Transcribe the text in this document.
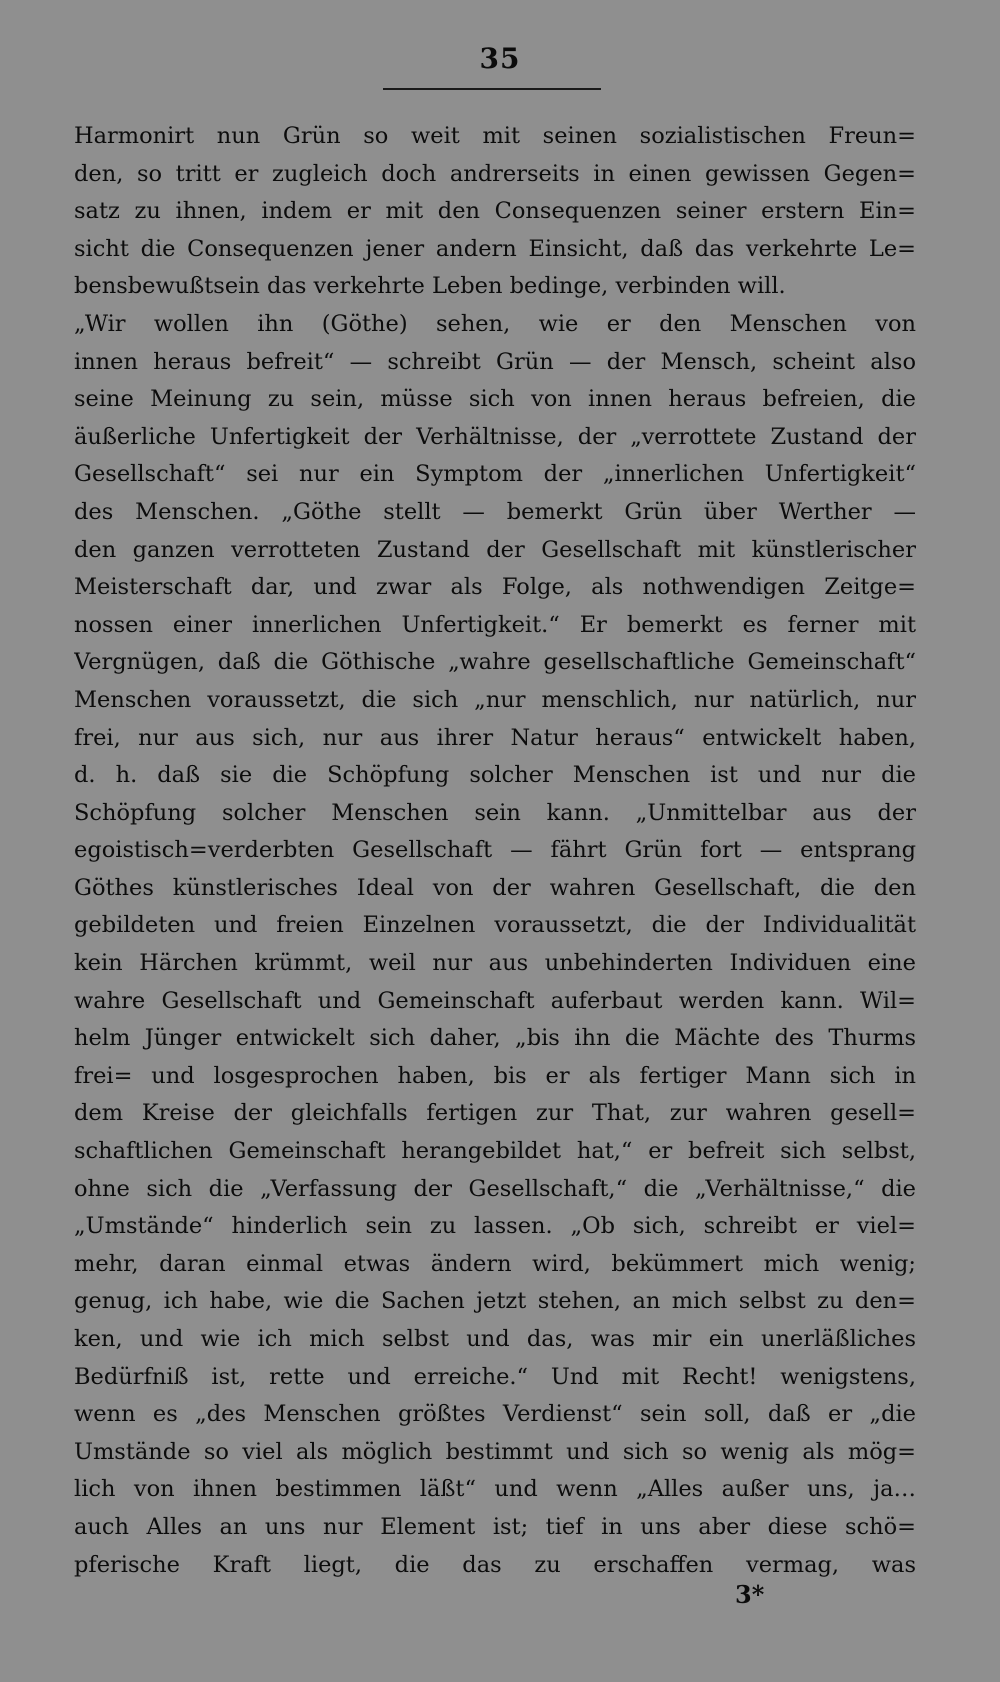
35
Harmonirt nun Grün so weit mit seinen sozialistischen Freun=
den, so tritt er zugleich doch andrerseits in einen gewissen Gegen=
satz zu ihnen, indem er mit den Consequenzen seiner erstern Ein=
sicht die Consequenzen jener andern Einsicht, daß das verkehrte Le=
bensbewußtsein das verkehrte Leben bedinge, verbinden will.
„Wir wollen ihn (Göthe) sehen, wie er den Menschen von
innen heraus befreit“ — schreibt Grün — der Mensch, scheint also
seine Meinung zu sein, müsse sich von innen heraus befreien, die
äußerliche Unfertigkeit der Verhältnisse, der „verrottete Zustand der
Gesellschaft“ sei nur ein Symptom der „innerlichen Unfertigkeit“
des Menschen. „Göthe stellt — bemerkt Grün über Werther —
den ganzen verrotteten Zustand der Gesellschaft mit künstlerischer
Meisterschaft dar, und zwar als Folge, als nothwendigen Zeitge=
nossen einer innerlichen Unfertigkeit.“ Er bemerkt es ferner mit
Vergnügen, daß die Göthische „wahre gesellschaftliche Gemeinschaft“
Menschen voraussetzt, die sich „nur menschlich, nur natürlich, nur
frei, nur aus sich, nur aus ihrer Natur heraus“ entwickelt haben,
d. h. daß sie die Schöpfung solcher Menschen ist und nur die
Schöpfung solcher Menschen sein kann. „Unmittelbar aus der
egoistisch=verderbten Gesellschaft — fährt Grün fort — entsprang
Göthes künstlerisches Ideal von der wahren Gesellschaft, die den
gebildeten und freien Einzelnen voraussetzt, die der Individualität
kein Härchen krümmt, weil nur aus unbehinderten Individuen eine
wahre Gesellschaft und Gemeinschaft auferbaut werden kann. Wil=
helm Jünger entwickelt sich daher, „bis ihn die Mächte des Thurms
frei= und losgesprochen haben, bis er als fertiger Mann sich in
dem Kreise der gleichfalls fertigen zur That, zur wahren gesell=
schaftlichen Gemeinschaft herangebildet hat,“ er befreit sich selbst,
ohne sich die „Verfassung der Gesellschaft,“ die „Verhältnisse,“ die
„Umstände“ hinderlich sein zu lassen. „Ob sich, schreibt er viel=
mehr, daran einmal etwas ändern wird, bekümmert mich wenig;
genug, ich habe, wie die Sachen jetzt stehen, an mich selbst zu den=
ken, und wie ich mich selbst und das, was mir ein unerläßliches
Bedürfniß ist, rette und erreiche.“ Und mit Recht! wenigstens,
wenn es „des Menschen größtes Verdienst“ sein soll, daß er „die
Umstände so viel als möglich bestimmt und sich so wenig als mög=
lich von ihnen bestimmen läßt“ und wenn „Alles außer uns, ja…
auch Alles an uns nur Element ist; tief in uns aber diese schö=
pferische Kraft liegt, die das zu erschaffen vermag, was
3*
